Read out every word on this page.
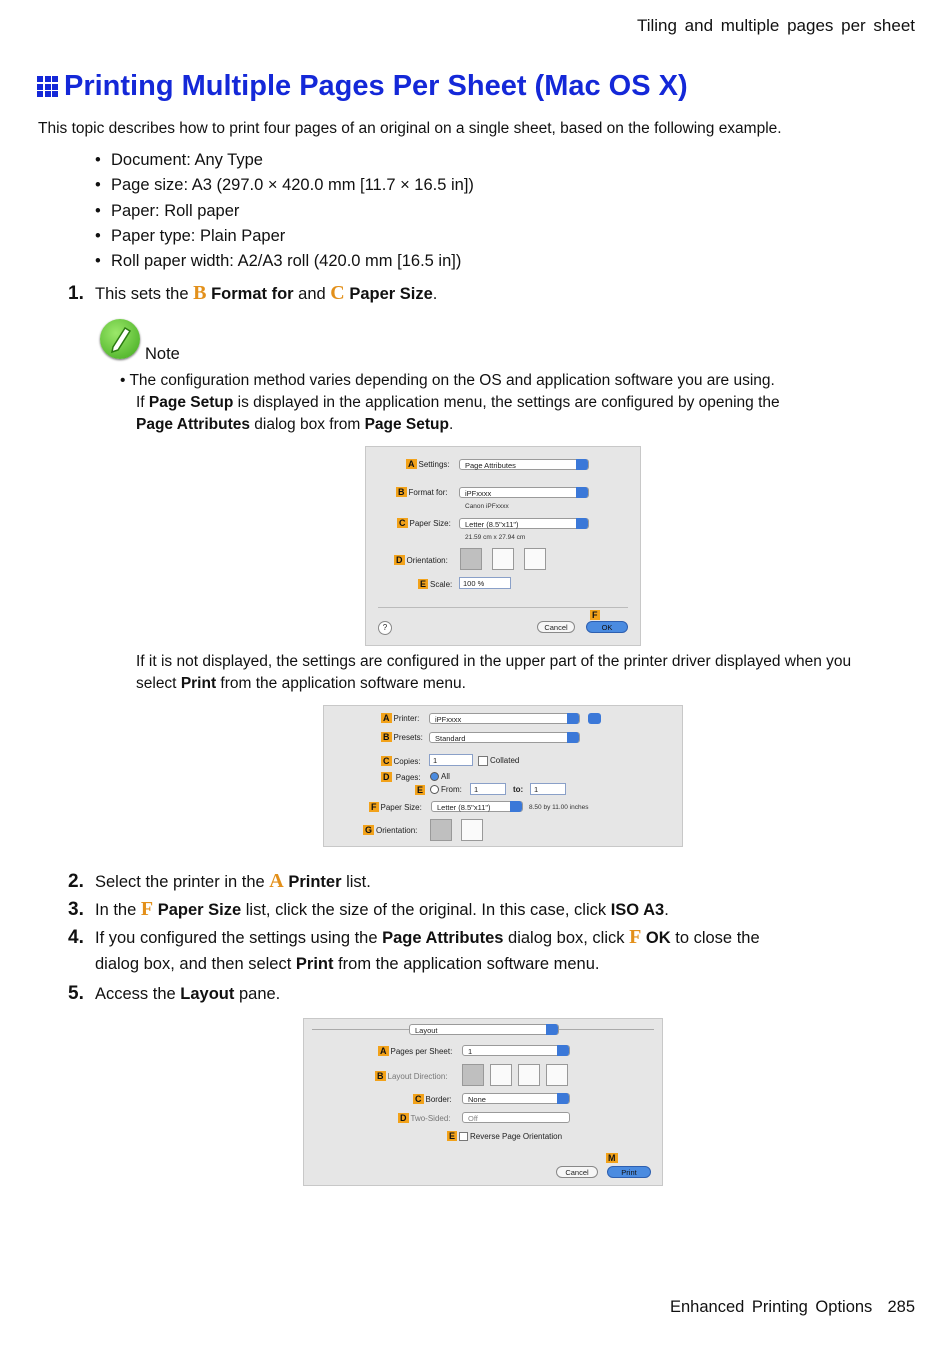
Tiling and multiple pages per sheet
Printing Multiple Pages Per Sheet (Mac OS X)
This topic describes how to print four pages of an original on a single sheet, based on the following example.
• Document: Any Type
• Page size: A3 (297.0 × 420.0 mm [11.7 × 16.5 in])
• Paper: Roll paper
• Paper type: Plain Paper
• Roll paper width: A2/A3 roll (420.0 mm [16.5 in])
1. This sets the B Format for and C Paper Size.
Note
• The configuration method varies depending on the OS and application software you are using.
If Page Setup is displayed in the application menu, the settings are configured by opening the
Page Attributes dialog box from Page Setup.
A Settings:	Page Attributes
B Format for:	iPFxxxx
Canon iPFxxxx
C Paper Size:	Letter (8.5"x11")
21.59 cm x 27.94 cm
D Orientation:
E Scale:	100 %
F
?	Cancel	OK
If it is not displayed, the settings are configured in the upper part of the printer driver displayed when you select Print from the application software menu.
A Printer:	iPFxxxx
B Presets:	Standard
C Copies:	1	Collated
D Pages:	All
E	From:	1	to:	1
F Paper Size:	Letter (8.5"x11")	8.50 by 11.00 inches
G Orientation:
2. Select the printer in the A Printer list.
3. In the F Paper Size list, click the size of the original. In this case, click ISO A3.
4. If you configured the settings using the Page Attributes dialog box, click F OK to close the
dialog box, and then select Print from the application software menu.
5. Access the Layout pane.
Layout
A Pages per Sheet:	1
B Layout Direction:
C Border:	None
D Two-Sided:	Off
E Reverse Page Orientation
M
Cancel	Print
Enhanced Printing Options 285
